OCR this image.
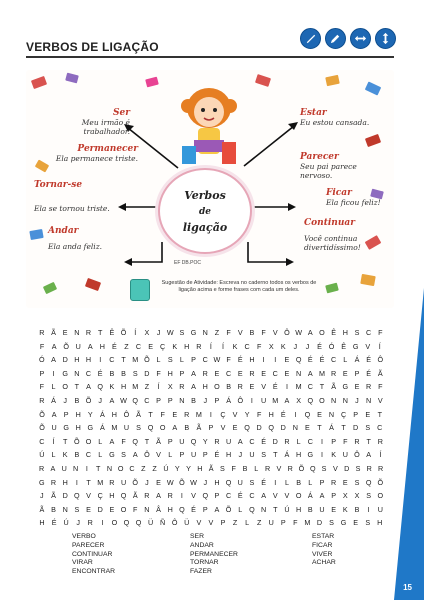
VERBOS DE LIGAÇÃO
Ser
Meu irmão é trabalhador.
Permanecer
Ela permanece triste.
Tornar-se
Ela se tornou triste.
Andar
Ela anda feliz.
Estar
Eu estou cansada.
Parecer
Seu pai parece nervoso.
Ficar
Ela ficou feliz!
Continuar
Você continua divertidíssimo!
Verbos
de
ligação
EF DB.POC
Sugestão de Atividade: Escreva no caderno todos os verbos de ligação acima e forme frases com cada um deles.
R Ã E N R T Ê Õ	Í	X	J W S G N Z	F V B F V Ô W A O Ê H S C F
F	A Õ U A H É	Z	C E Ç K H R	Í	Í	K C	F	X	K	J	J	É Ó Ê G V	Í
Ó A D H H	I	C T M Õ L	S	L	P C W F É H	I	I	E Q É É C L	Á É Ô
P	I	G N C É B B S D F H P A R E C E R E C E N A M R E P É Ã
F	L O T A Q K H M Z	Í	X R A H O B R E V É	I	M C T Ã G E R F
R Á	J	B Õ J	A W Q C P P N B	J	P Á Ô	I	U M A X Q O N N	J	N V
Õ A	P H Y	Á H Ô Ã	T	F	E R M	I	Ç V	Y	F	H É	I	Q E N Ç P	E	T
Õ U G H G Á M U S Q O A	B	Ã	P	V	E Q D Q D N E	T	Á	T	D S C
C	Í	T Õ O L	A F Q T Ã P U Q Y R U A C É D R L C	I	P F R T R
Ú L	K B C L G S A Ô V	L	P U P É H	J	U S T Á H G	I	K U Ô A	Í
R A U N	I	T N O C Z Z Ú Y Y H Ã S F B L R V R Õ Q S V D S R R
G R H	I	T M R U Õ J	E W Õ W J	H Q U S É	I	L	B	L	P R E S Q Õ
J	Ã D Q V Ç H Q Ã R A R	I	V Q P C É C A V V O Á A P X X S O
Ã B N S E D E O F N Â H Q É P A Õ L Q N T Ú H B U E K B	I	U
H É Ú	J	R	I	O Q Q Ü Ñ Ô Ü V	V	P	Z	L	Z	U P	F M D S G E	S H
VERBO
PARECER
CONTINUAR
VIRAR
ENCONTRAR
SER
ANDAR
PERMANECER
TORNAR
FAZER
ESTAR
FICAR
VIVER
ACHAR
15
